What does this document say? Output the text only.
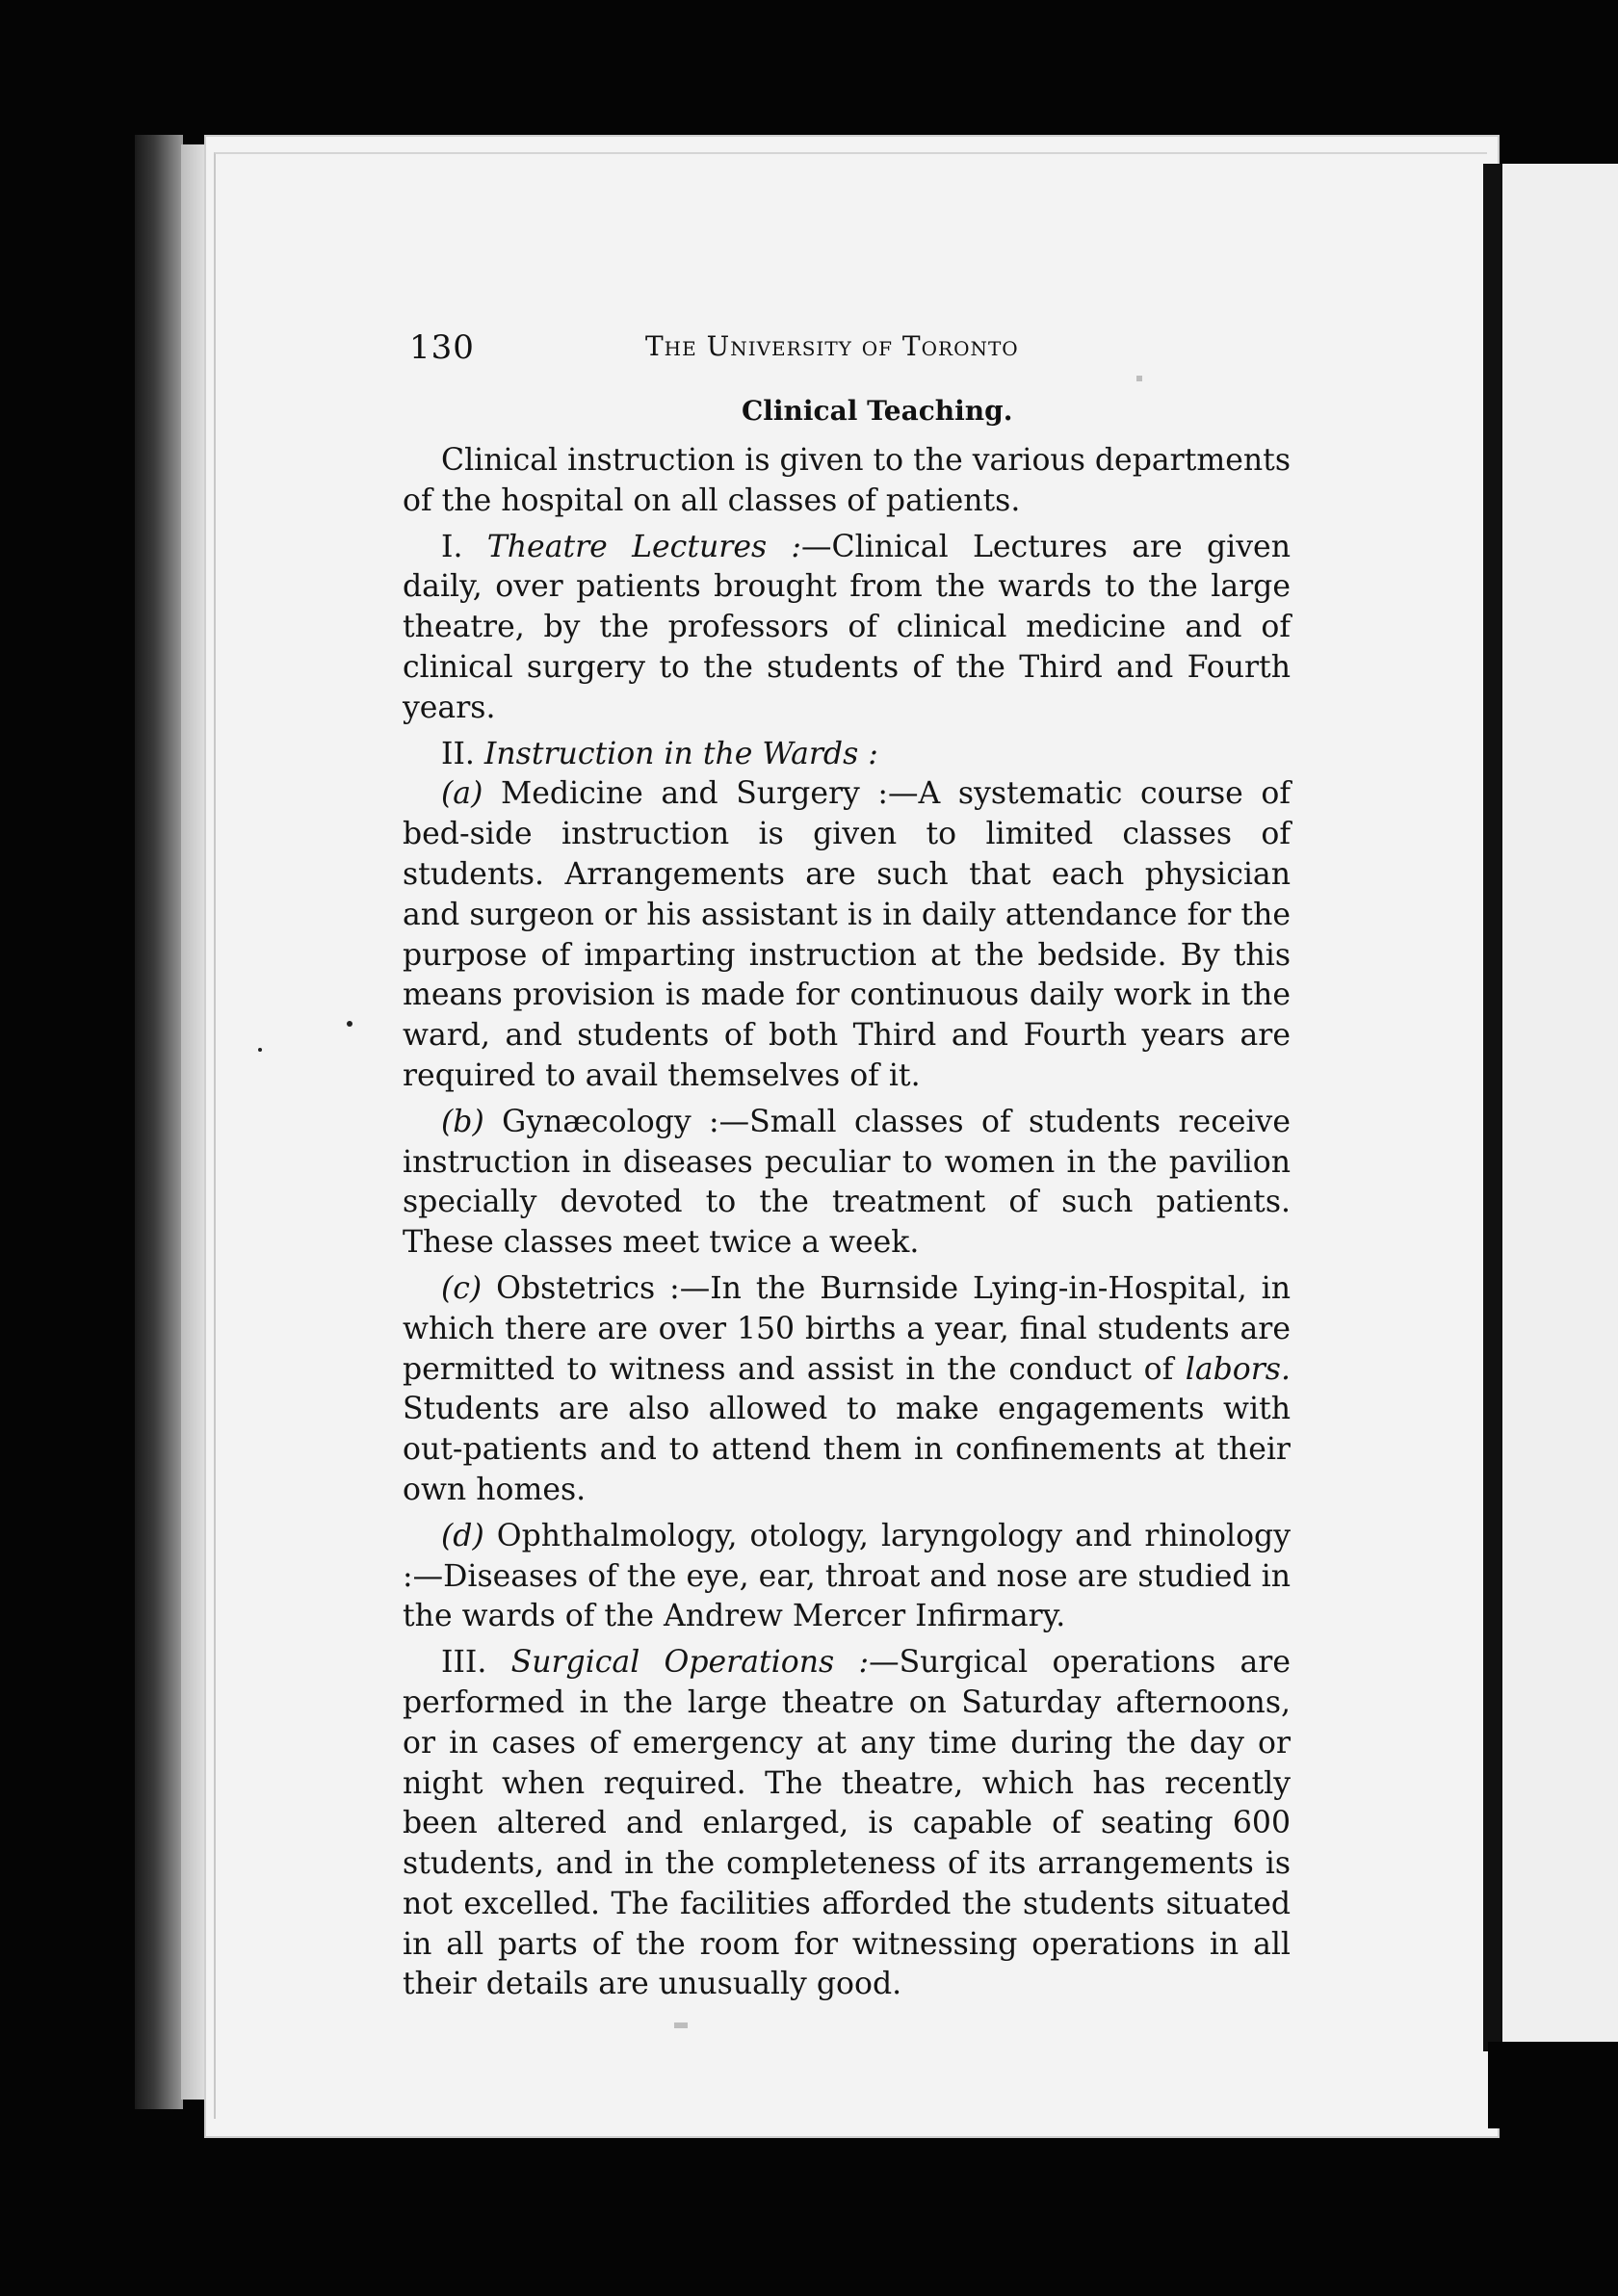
130	The University of Toronto
Clinical Teaching.

Clinical instruction is given to the various departments of the hospital on all classes of patients.

I. Theatre Lectures :—Clinical Lectures are given daily, over patients brought from the wards to the large theatre, by the professors of clinical medicine and of clinical surgery to the students of the Third and Fourth years.

II. Instruction in the Wards :

(a) Medicine and Surgery :—A systematic course of bed-side instruction is given to limited classes of students. Arrangements are such that each physician and surgeon or his assistant is in daily attendance for the purpose of imparting instruction at the bedside. By this means provision is made for continuous daily work in the ward, and students of both Third and Fourth years are required to avail themselves of it.

(b) Gynæcology :—Small classes of students receive instruction in diseases peculiar to women in the pavilion specially devoted to the treatment of such patients. These classes meet twice a week.

(c) Obstetrics :—In the Burnside Lying-in-Hospital, in which there are over 150 births a year, final students are permitted to witness and assist in the conduct of labors. Students are also allowed to make engagements with out-patients and to attend them in confinements at their own homes.

(d) Ophthalmology, otology, laryngology and rhinology :—Diseases of the eye, ear, throat and nose are studied in the wards of the Andrew Mercer Infirmary.

III. Surgical Operations :—Surgical operations are performed in the large theatre on Saturday afternoons, or in cases of emergency at any time during the day or night when required. The theatre, which has recently been altered and enlarged, is capable of seating 600 students, and in the completeness of its arrangements is not excelled. The facilities afforded the students situated in all parts of the room for witnessing operations in all their details are unusually good.
